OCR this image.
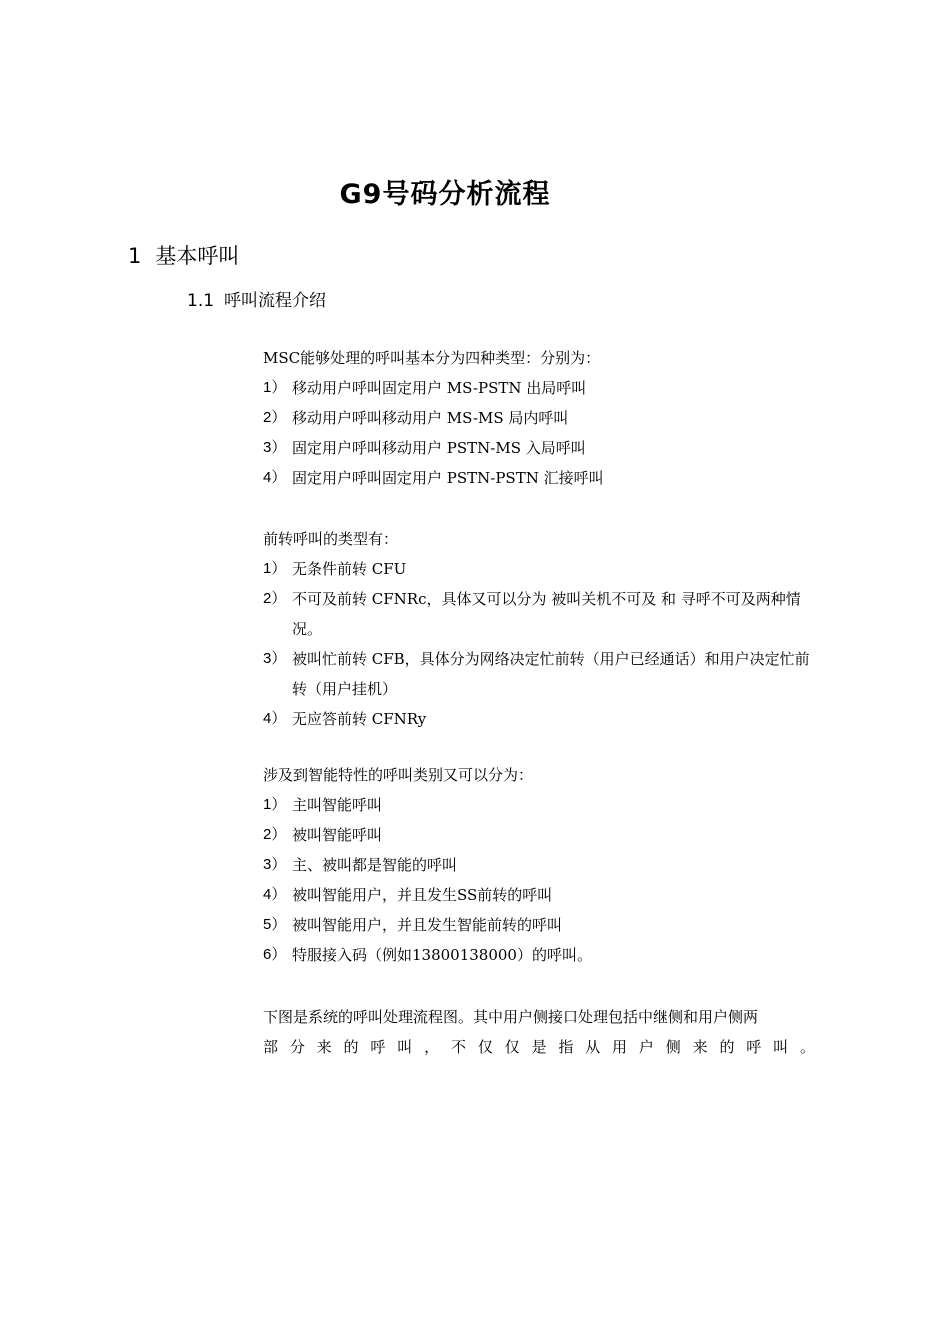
G9号码分析流程
1 基本呼叫
1.1 呼叫流程介绍

MSC能够处理的呼叫基本分为四种类型：分别为：

1） 移动用户呼叫固定用户 MS-PSTN 出局呼叫
2） 移动用户呼叫移动用户 MS-MS 局内呼叫
3） 固定用户呼叫移动用户 PSTN-MS 入局呼叫
4） 固定用户呼叫固定用户 PSTN-PSTN 汇接呼叫

前转呼叫的类型有：

1） 无条件前转 CFU
2） 不可及前转 CFNRc，具体又可以分为 被叫关机不可及 和 寻呼不可及两种情况。
3） 被叫忙前转 CFB，具体分为网络决定忙前转（用户已经通话）和用户决定忙前转（用户挂机）
4） 无应答前转 CFNRy

涉及到智能特性的呼叫类别又可以分为：

1） 主叫智能呼叫
2） 被叫智能呼叫
3） 主、被叫都是智能的呼叫
4） 被叫智能用户，并且发生SS前转的呼叫
5） 被叫智能用户，并且发生智能前转的呼叫
6） 特服接入码（例如13800138000）的呼叫。

下图是系统的呼叫处理流程图。其中用户侧接口处理包括中继侧和用户侧两

部分来的呼叫，不仅仅是指从用户侧来的呼叫。
